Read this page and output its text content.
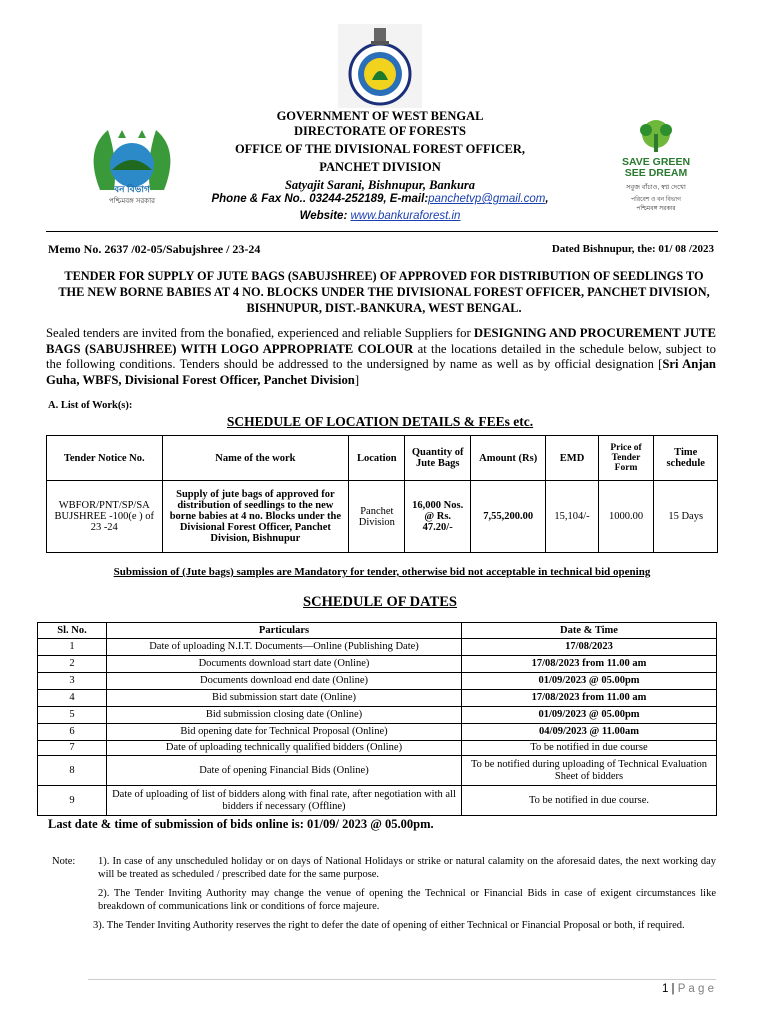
বন বিভাগ
পশ্চিমবঙ্গ সরকার
SAVE GREEN
SEE DREAM
সবুজ বাঁচাও, স্বপ্ন দেখো
পরিবেশ ও বন বিভাগ
পশ্চিমবঙ্গ সরকার
GOVERNMENT OF WEST BENGAL
DIRECTORATE OF FORESTS
OFFICE OF THE DIVISIONAL FOREST OFFICER,
PANCHET DIVISION
Satyajit Sarani, Bishnupur, Bankura
Phone & Fax No.. 03244-252189, E-mail:panchetvp@gmail.com,
Website: www.bankuraforest.in
Memo No. 2637 /02-05/Sabujshree / 23-24	Dated Bishnupur, the: 01/ 08 /2023
TENDER FOR SUPPLY OF JUTE BAGS (SABUJSHREE) OF APPROVED FOR DISTRIBUTION OF SEEDLINGS TO THE NEW BORNE BABIES AT 4 NO. BLOCKS UNDER THE DIVISIONAL FOREST OFFICER, PANCHET DIVISION, BISHNUPUR, DIST.-BANKURA, WEST BENGAL.
Sealed tenders are invited from the bonafied, experienced and reliable Suppliers for DESIGNING AND PROCUREMENT JUTE BAGS (SABUJSHREE) WITH LOGO APPROPRIATE COLOUR at the locations detailed in the schedule below, subject to the following conditions. Tenders should be addressed to the undersigned by name as well as by official designation [Sri Anjan Guha, WBFS, Divisional Forest Officer, Panchet Division]
A. List of Work(s):
SCHEDULE OF LOCATION DETAILS & FEEs etc.
Tender Notice No.	Name of the work	Location	Quantity of Jute Bags	Amount (Rs)	EMD	Price of Tender Form	Time schedule
WBFOR/PNT/SP/SA BUJSHREE -100(e ) of 23 -24	Supply of jute bags of approved for distribution of seedlings to the new borne babies at 4 no. Blocks under the Divisional Forest Officer, Panchet Division, Bishnupur	Panchet Division	16,000 Nos. @ Rs. 47.20/-	7,55,200.00	15,104/-	1000.00	15 Days
Submission of (Jute bags) samples are Mandatory for tender, otherwise bid not acceptable in technical bid opening
SCHEDULE OF DATES
Sl. No.	Particulars	Date & Time
1	Date of uploading N.I.T. Documents—Online (Publishing Date)	17/08/2023
2	Documents download start date (Online)	17/08/2023 from 11.00 am
3	Documents download end date (Online)	01/09/2023 @ 05.00pm
4	Bid submission start date (Online)	17/08/2023 from 11.00 am
5	Bid submission closing date (Online)	01/09/2023 @ 05.00pm
6	Bid opening date for Technical Proposal (Online)	04/09/2023 @ 11.00am
7	Date of uploading technically qualified bidders (Online)	To be notified in due course
8	Date of opening Financial Bids (Online)	To be notified during uploading of Technical Evaluation Sheet of bidders
9	Date of uploading of list of bidders along with final rate, after negotiation with all bidders if necessary (Offline)	To be notified in due course.
Last date & time of submission of bids online is: 01/09/ 2023 @ 05.00pm.
Note: 1). In case of any unscheduled holiday or on days of National Holidays or strike or natural calamity on the aforesaid dates, the next working day will be treated as scheduled / prescribed date for the same purpose.
2). The Tender Inviting Authority may change the venue of opening the Technical or Financial Bids in case of exigent circumstances like breakdown of communications link or conditions of force majeure.
3). The Tender Inviting Authority reserves the right to defer the date of opening of either Technical or Financial Proposal or both, if required.
1 | P a g e
